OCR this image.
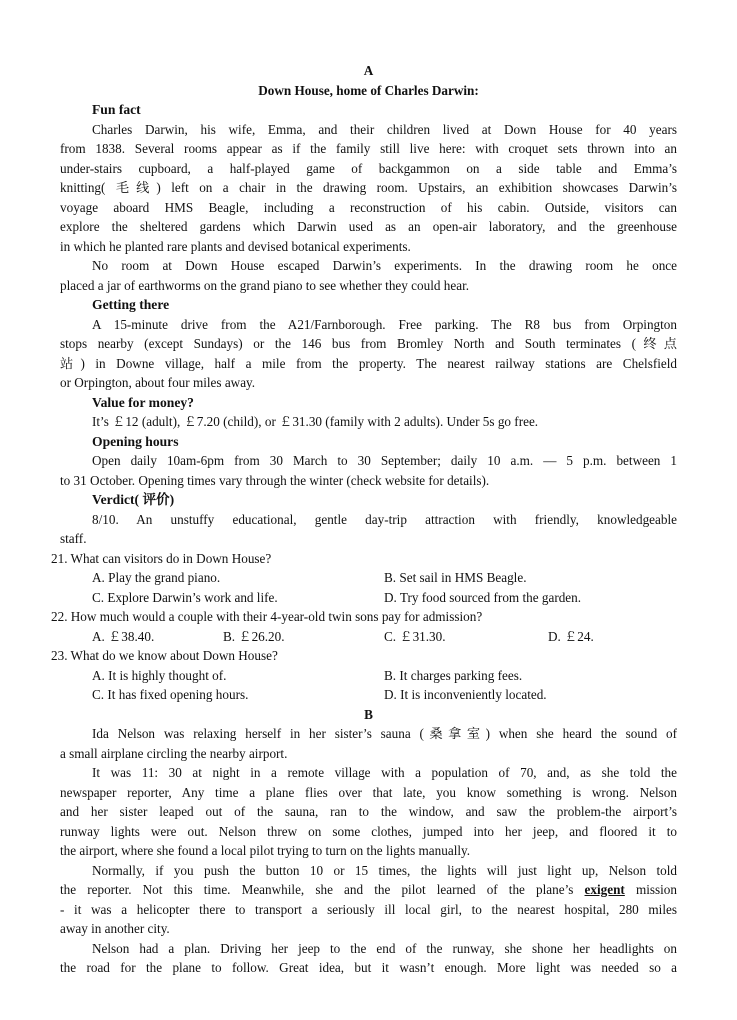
A
Down House, home of Charles Darwin:
Fun fact
Charles Darwin, his wife, Emma, and their children lived at Down House for 40 years
from 1838. Several rooms appear as if the family still live here: with croquet sets thrown into an
under-stairs cupboard, a half-played game of backgammon on a side table and Emma’s
knitting( 毛线) left on a chair in the drawing room. Upstairs, an exhibition showcases Darwin’s
voyage aboard HMS Beagle, including a reconstruction of his cabin. Outside, visitors can
explore the sheltered gardens which Darwin used as an open-air laboratory, and the greenhouse
in which he planted rare plants and devised botanical experiments.
No room at Down House escaped Darwin’s experiments. In the drawing room he once
placed a jar of earthworms on the grand piano to see whether they could hear.
Getting there
A 15-minute drive from the A21/Farnborough. Free parking. The R8 bus from Orpington
stops nearby (except Sundays) or the 146 bus from Bromley North and South terminates (终点
站) in Downe village, half a mile from the property. The nearest railway stations are Chelsfield
or Orpington, about four miles away.
Value for money?
It’s ￡12 (adult), ￡7.20 (child), or ￡31.30 (family with 2 adults). Under 5s go free.
Opening hours
Open daily 10am-6pm from 30 March to 30 September; daily 10 a.m. — 5 p.m. between 1
to 31 October. Opening times vary through the winter (check website for details).
Verdict( 评价)
8/10. An unstuffy educational, gentle day-trip attraction with friendly, knowledgeable
staff.
21. What can visitors do in Down House?
A. Play the grand piano.	B. Set sail in HMS Beagle.
C. Explore Darwin’s work and life.	D. Try food sourced from the garden.
22. How much would a couple with their 4-year-old twin sons pay for admission?
A. ￡38.40.	B. ￡26.20.	C. ￡31.30.	D. ￡24.
23. What do we know about Down House?
A. It is highly thought of.	B. It charges parking fees.
C. It has fixed opening hours.	D. It is inconveniently located.
B
Ida Nelson was relaxing herself in her sister’s sauna (桑拿室) when she heard the sound of
a small airplane circling the nearby airport.
It was 11: 30 at night in a remote village with a population of 70, and, as she told the
newspaper reporter, Any time a plane flies over that late, you know something is wrong. Nelson
and her sister leaped out of the sauna, ran to the window, and saw the problem-the airport’s
runway lights were out. Nelson threw on some clothes, jumped into her jeep, and floored it to
the airport, where she found a local pilot trying to turn on the lights manually.
Normally, if you push the button 10 or 15 times, the lights will just light up, Nelson told
the reporter. Not this time. Meanwhile, she and the pilot learned of the plane’s exigent mission
- it was a helicopter there to transport a seriously ill local girl, to the nearest hospital, 280 miles
away in another city.
Nelson had a plan. Driving her jeep to the end of the runway, she shone her headlights on
the road for the plane to follow. Great idea, but it wasn’t enough. More light was needed so a
